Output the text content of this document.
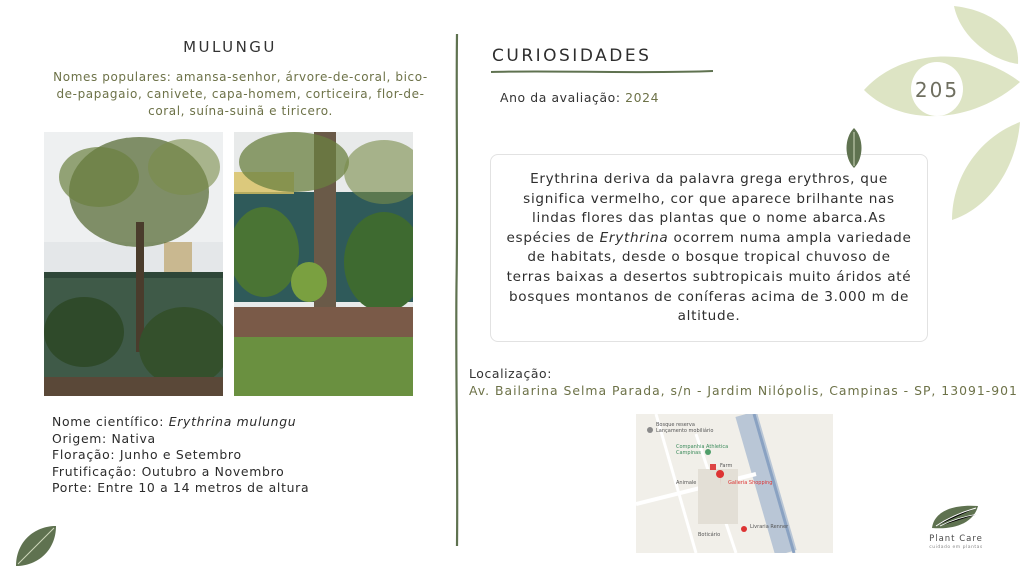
MULUNGU
Nomes populares: amansa-senhor, árvore-de-coral, bico-de-papagaio, canivete, capa-homem, corticeira, flor-de-coral, suína-suinã e tiricero.
Nome científico: Erythrina mulungu
Origem: Nativa
Floração: Junho e Setembro
Frutificação: Outubro a Novembro
Porte: Entre 10 a 14 metros de altura
CURIOSIDADES
Ano da avaliação: 2024
Erythrina deriva da palavra grega erythros, que significa vermelho, cor que aparece brilhante nas lindas flores das plantas que o nome abarca.As espécies de Erythrina ocorrem numa ampla variedade de habitats, desde o bosque tropical chuvoso de terras baixas a desertos subtropicais muito áridos até bosques montanos de coníferas acima de 3.000 m de altitude.
Localização:
Av. Bailarina Selma Parada, s/n - Jardim Nilópolis, Campinas - SP, 13091-901
Bosque reserva Lançamento mobiliário
Companhia Athletica Campinas
Farm
Galleria Shopping
Animale
Livraria Renner
Boticário
205
Plant Care
cuidado em plantas
